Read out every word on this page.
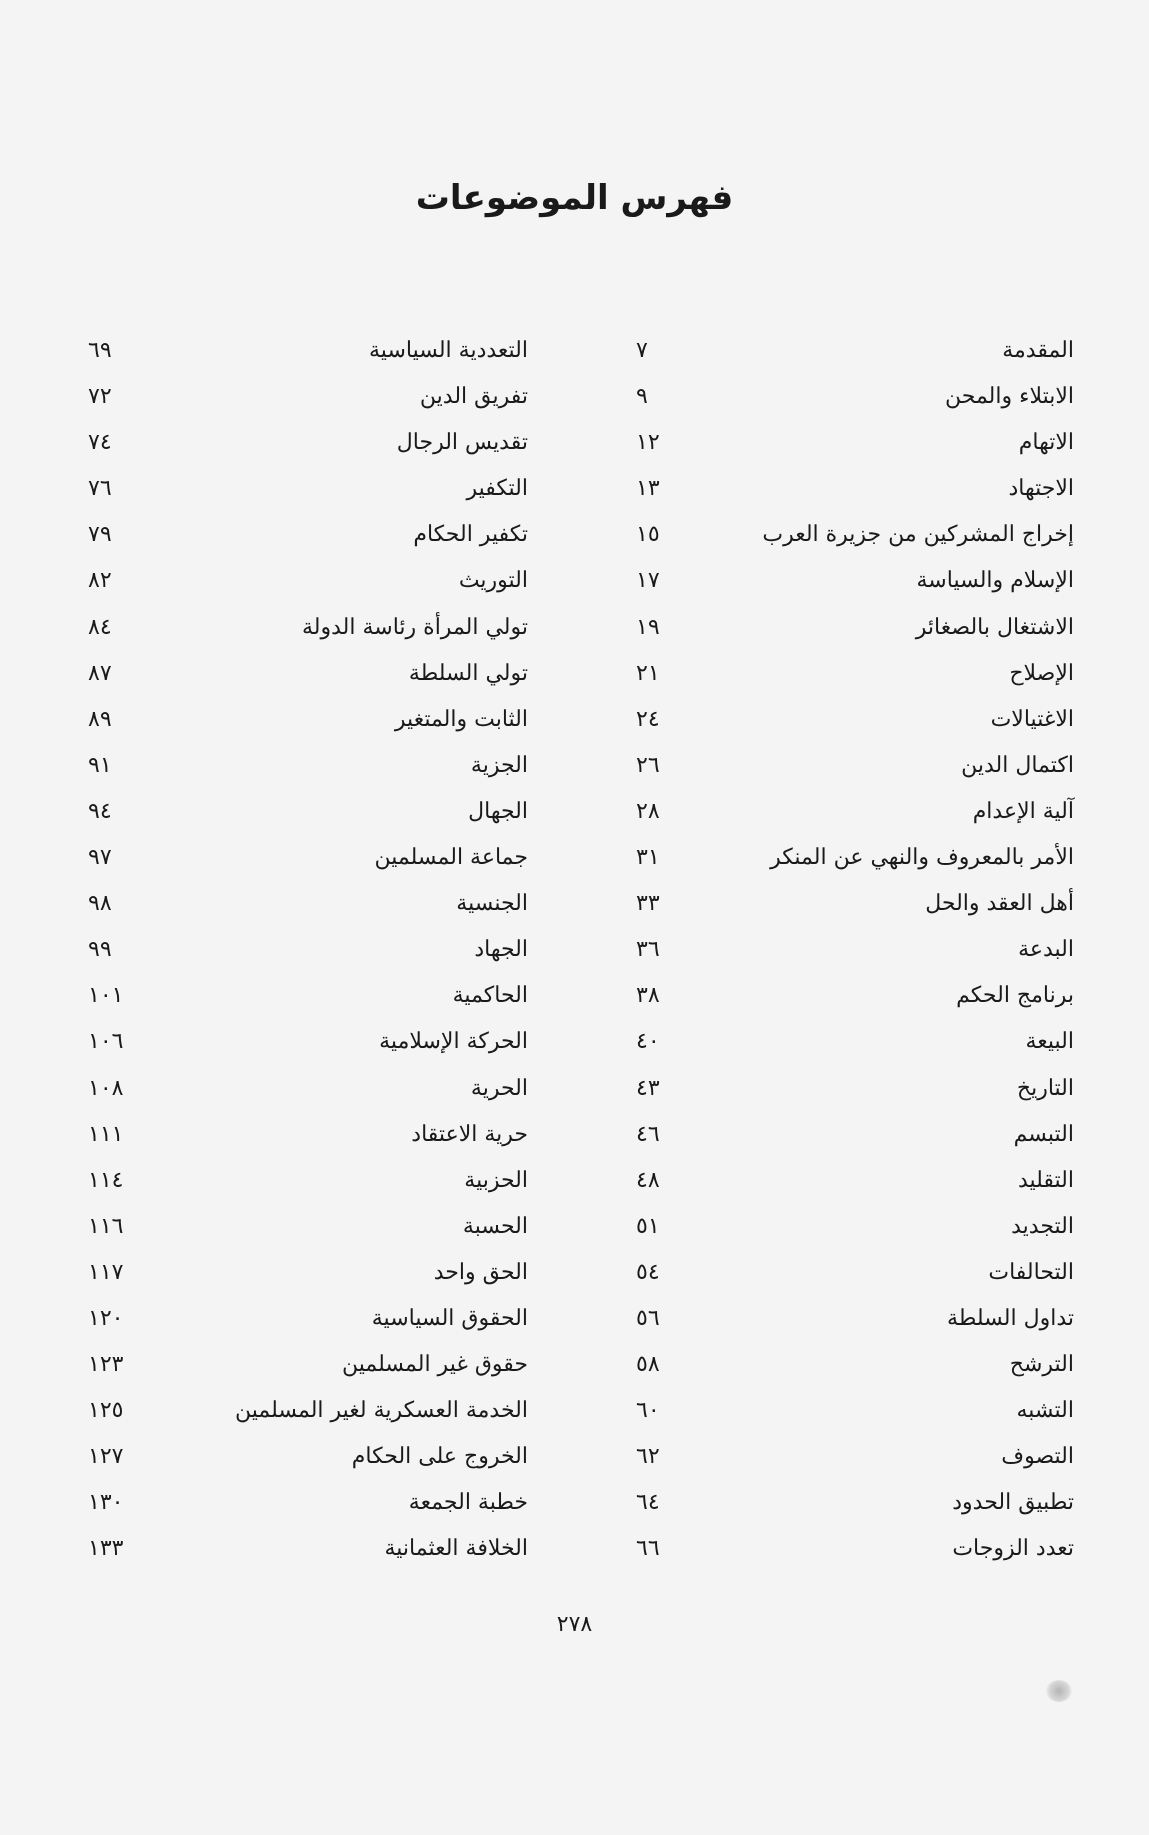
فهرس الموضوعات
المقدمة
٧
الابتلاء والمحن
٩
الاتهام
١٢
الاجتهاد
١٣
إخراج المشركين من جزيرة العرب
١٥
الإسلام والسياسة
١٧
الاشتغال بالصغائر
١٩
الإصلاح
٢١
الاغتيالات
٢٤
اكتمال الدين
٢٦
آلية الإعدام
٢٨
الأمر بالمعروف والنهي عن المنكر
٣١
أهل العقد والحل
٣٣
البدعة
٣٦
برنامج الحكم
٣٨
البيعة
٤٠
التاريخ
٤٣
التبسم
٤٦
التقليد
٤٨
التجديد
٥١
التحالفات
٥٤
تداول السلطة
٥٦
الترشح
٥٨
التشبه
٦٠
التصوف
٦٢
تطبيق الحدود
٦٤
تعدد الزوجات
٦٦
التعددية السياسية
٦٩
تفريق الدين
٧٢
تقديس الرجال
٧٤
التكفير
٧٦
تكفير الحكام
٧٩
التوريث
٨٢
تولي المرأة رئاسة الدولة
٨٤
تولي السلطة
٨٧
الثابت والمتغير
٨٩
الجزية
٩١
الجهال
٩٤
جماعة المسلمين
٩٧
الجنسية
٩٨
الجهاد
٩٩
الحاكمية
١٠١
الحركة الإسلامية
١٠٦
الحرية
١٠٨
حرية الاعتقاد
١١١
الحزبية
١١٤
الحسبة
١١٦
الحق واحد
١١٧
الحقوق السياسية
١٢٠
حقوق غير المسلمين
١٢٣
الخدمة العسكرية لغير المسلمين
١٢٥
الخروج على الحكام
١٢٧
خطبة الجمعة
١٣٠
الخلافة العثمانية
١٣٣
٢٧٨
